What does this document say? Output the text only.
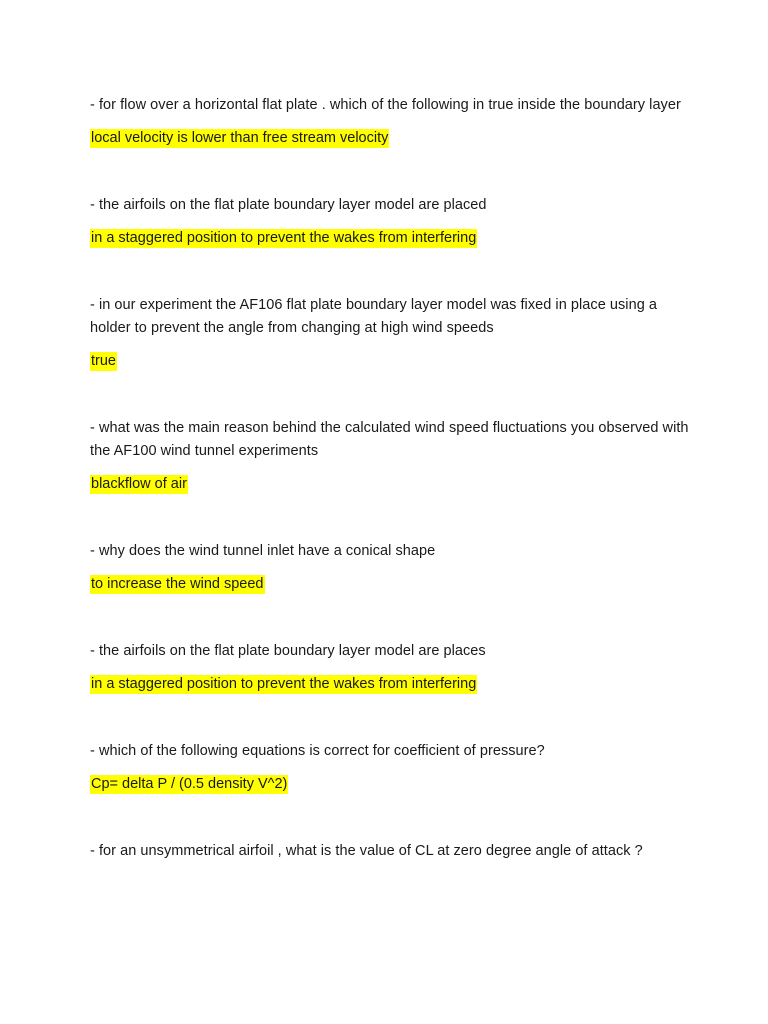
- for flow over a horizontal flat plate . which of the following in true inside the boundary layer

local velocity is lower than free stream velocity

- the airfoils on the flat plate boundary layer model are placed

in a staggered position to prevent the wakes from interfering

- in our experiment the AF106 flat plate boundary layer model was fixed in place using a holder to prevent the angle from changing at high wind speeds

true

- what was the main reason behind the calculated wind speed fluctuations you observed with the AF100 wind tunnel experiments

blackflow of air

- why does the wind tunnel inlet have a conical shape

to increase the wind speed

- the airfoils on the flat plate boundary layer model are places

in a staggered position to prevent the wakes from interfering

- which of the following equations is correct for coefficient of pressure?

Cp= delta P / (0.5 density V^2)

- for an unsymmetrical airfoil , what is the value of CL at zero degree angle of attack ?
